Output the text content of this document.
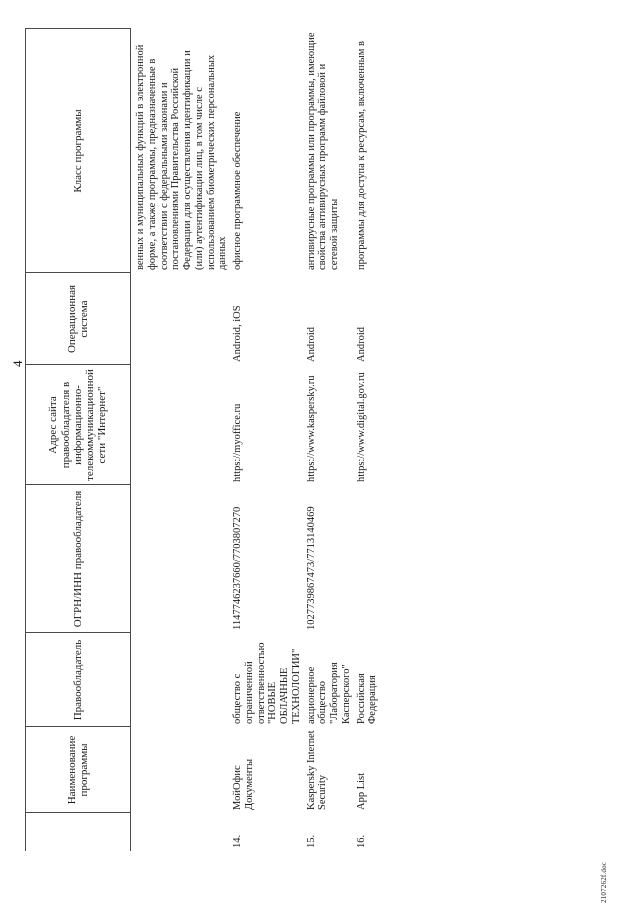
4
	Наименование программы	Правообладатель	ОГРН/ИНН правообладателя	Адрес сайта правообладателя в информационно-телекоммуникационной сети "Интернет"	Операционная система	Класс программы
						венных и муниципальных функций в электронной форме, а также программы, предназначенные в соответствии с федеральными законами и постановлениями Правительства Российской Федерации для осуществления идентификации и (или) аутентификации лиц, в том числе с использованием биометрических персональных данных
14.	МойОфис Документы	общество с ограниченной ответственностью "НОВЫЕ ОБЛАЧНЫЕ ТЕХНОЛОГИИ"	1147746237660/7703807270	https://myoffice.ru	Android, iOS	офисное программное обеспечение
15.	Kaspersky Internet Security	акционерное общество "Лаборатория Касперского"	1027739867473/7713140469	https://www.kaspersky.ru	Android	антивирусные программы или программы, имеющие свойства антивирусных программ файловой и сетевой защиты
16.	App List	Российская Федерация		https://www.digital.gov.ru	Android	программы для доступа к ресурсам, включенным в
2107262f.doc
